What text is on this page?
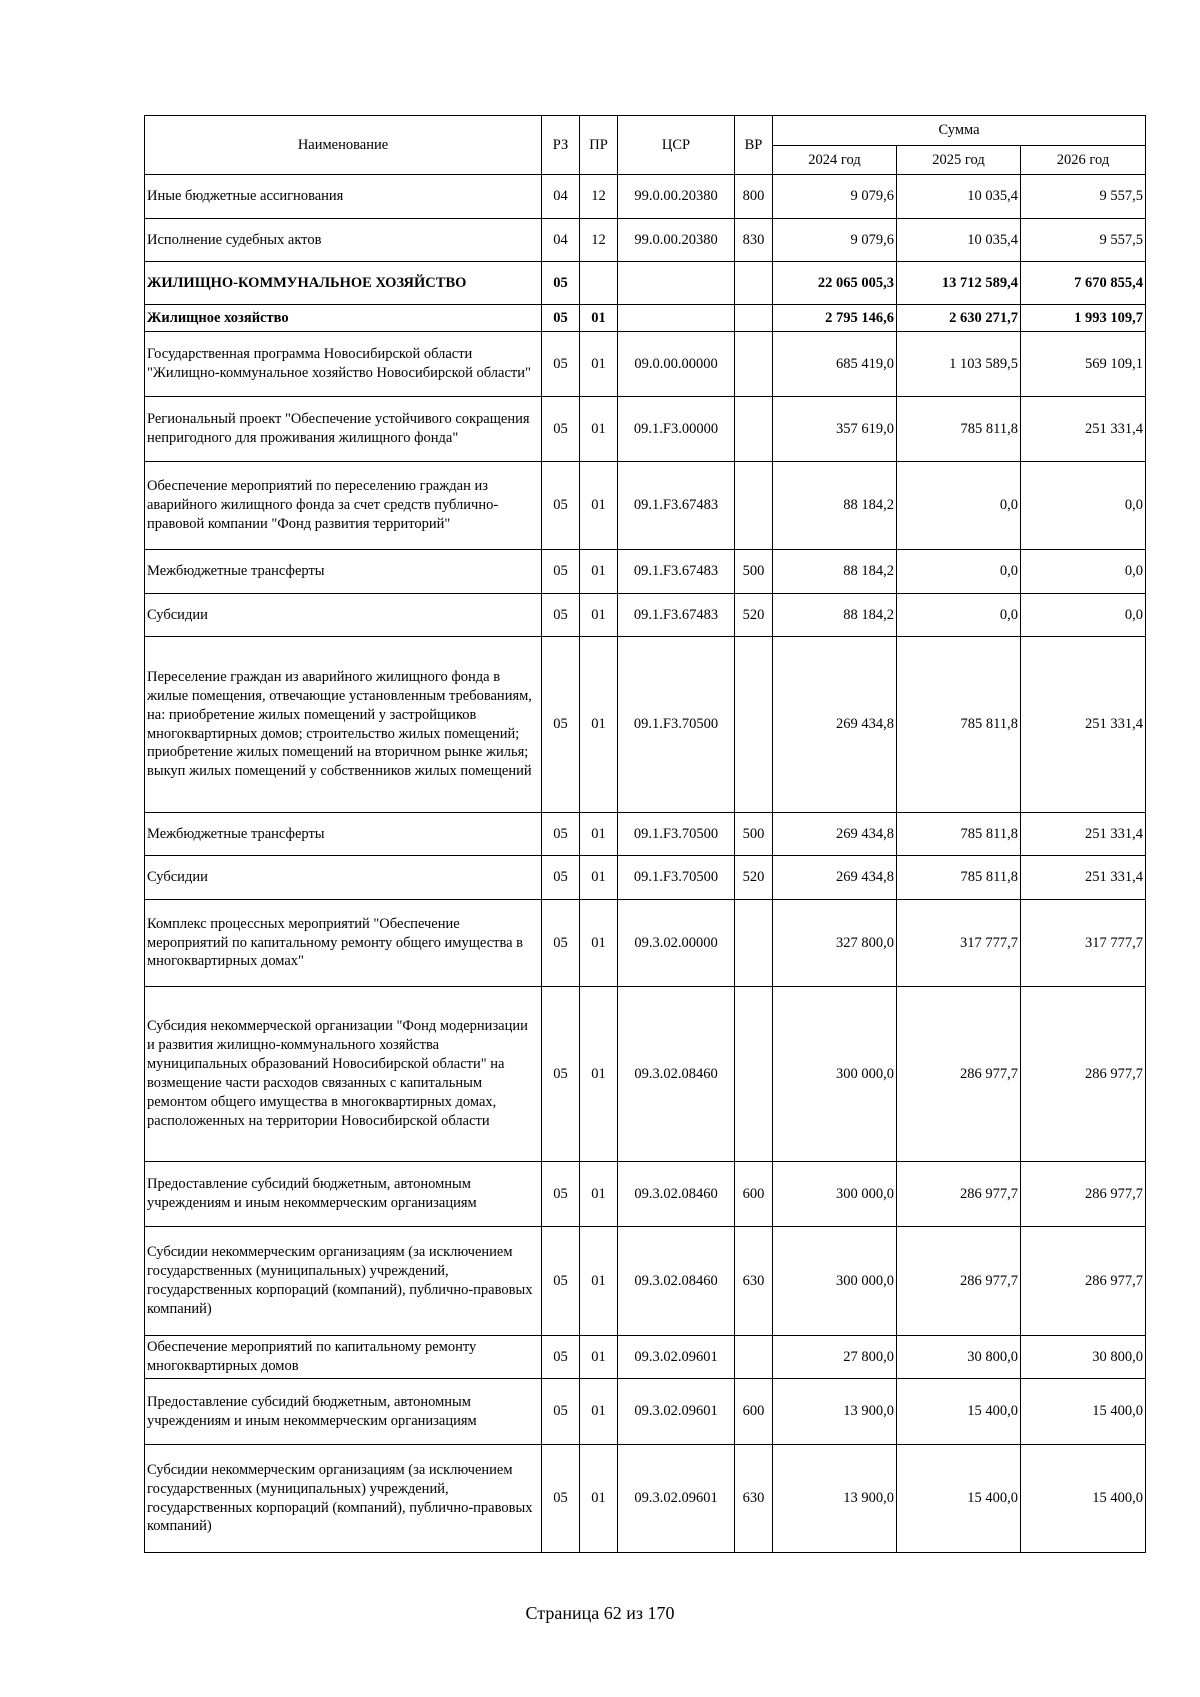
Наименование	РЗ	ПР	ЦСР	ВР	Сумма		
					2024 год	2025 год	2026 год
Иные бюджетные ассигнования	04	12	99.0.00.20380	800	9 079,6	10 035,4	9 557,5
Исполнение судебных актов	04	12	99.0.00.20380	830	9 079,6	10 035,4	9 557,5
ЖИЛИЩНО-КОММУНАЛЬНОЕ ХОЗЯЙСТВО	05				22 065 005,3	13 712 589,4	7 670 855,4
Жилищное хозяйство	05	01			2 795 146,6	2 630 271,7	1 993 109,7
Государственная программа Новосибирской области "Жилищно-коммунальное хозяйство Новосибирской области"	05	01	09.0.00.00000		685 419,0	1 103 589,5	569 109,1
Региональный проект "Обеспечение устойчивого сокращения непригодного для проживания жилищного фонда"	05	01	09.1.F3.00000		357 619,0	785 811,8	251 331,4
Обеспечение мероприятий по переселению граждан из аварийного жилищного фонда за счет средств публично-правовой компании "Фонд развития территорий"	05	01	09.1.F3.67483		88 184,2	0,0	0,0
Межбюджетные трансферты	05	01	09.1.F3.67483	500	88 184,2	0,0	0,0
Субсидии	05	01	09.1.F3.67483	520	88 184,2	0,0	0,0
Переселение граждан из аварийного жилищного фонда в жилые помещения, отвечающие установленным требованиям, на: приобретение жилых помещений у застройщиков многоквартирных домов; строительство жилых помещений; приобретение жилых помещений на вторичном рынке жилья; выкуп жилых помещений у собственников жилых помещений	05	01	09.1.F3.70500		269 434,8	785 811,8	251 331,4
Межбюджетные трансферты	05	01	09.1.F3.70500	500	269 434,8	785 811,8	251 331,4
Субсидии	05	01	09.1.F3.70500	520	269 434,8	785 811,8	251 331,4
Комплекс процессных мероприятий "Обеспечение мероприятий по капитальному ремонту общего имущества в многоквартирных домах"	05	01	09.3.02.00000		327 800,0	317 777,7	317 777,7
Субсидия некоммерческой организации "Фонд модернизации и развития жилищно-коммунального хозяйства муниципальных образований Новосибирской области" на возмещение части расходов связанных с капитальным ремонтом общего имущества в многоквартирных домах, расположенных на территории Новосибирской области	05	01	09.3.02.08460		300 000,0	286 977,7	286 977,7
Предоставление субсидий бюджетным, автономным учреждениям и иным некоммерческим организациям	05	01	09.3.02.08460	600	300 000,0	286 977,7	286 977,7
Субсидии некоммерческим организациям (за исключением государственных (муниципальных) учреждений, государственных корпораций (компаний), публично-правовых компаний)	05	01	09.3.02.08460	630	300 000,0	286 977,7	286 977,7
Обеспечение мероприятий по капитальному ремонту многоквартирных домов	05	01	09.3.02.09601		27 800,0	30 800,0	30 800,0
Предоставление субсидий бюджетным, автономным учреждениям и иным некоммерческим организациям	05	01	09.3.02.09601	600	13 900,0	15 400,0	15 400,0
Субсидии некоммерческим организациям (за исключением государственных (муниципальных) учреждений, государственных корпораций (компаний), публично-правовых компаний)	05	01	09.3.02.09601	630	13 900,0	15 400,0	15 400,0
Страница 62 из 170
